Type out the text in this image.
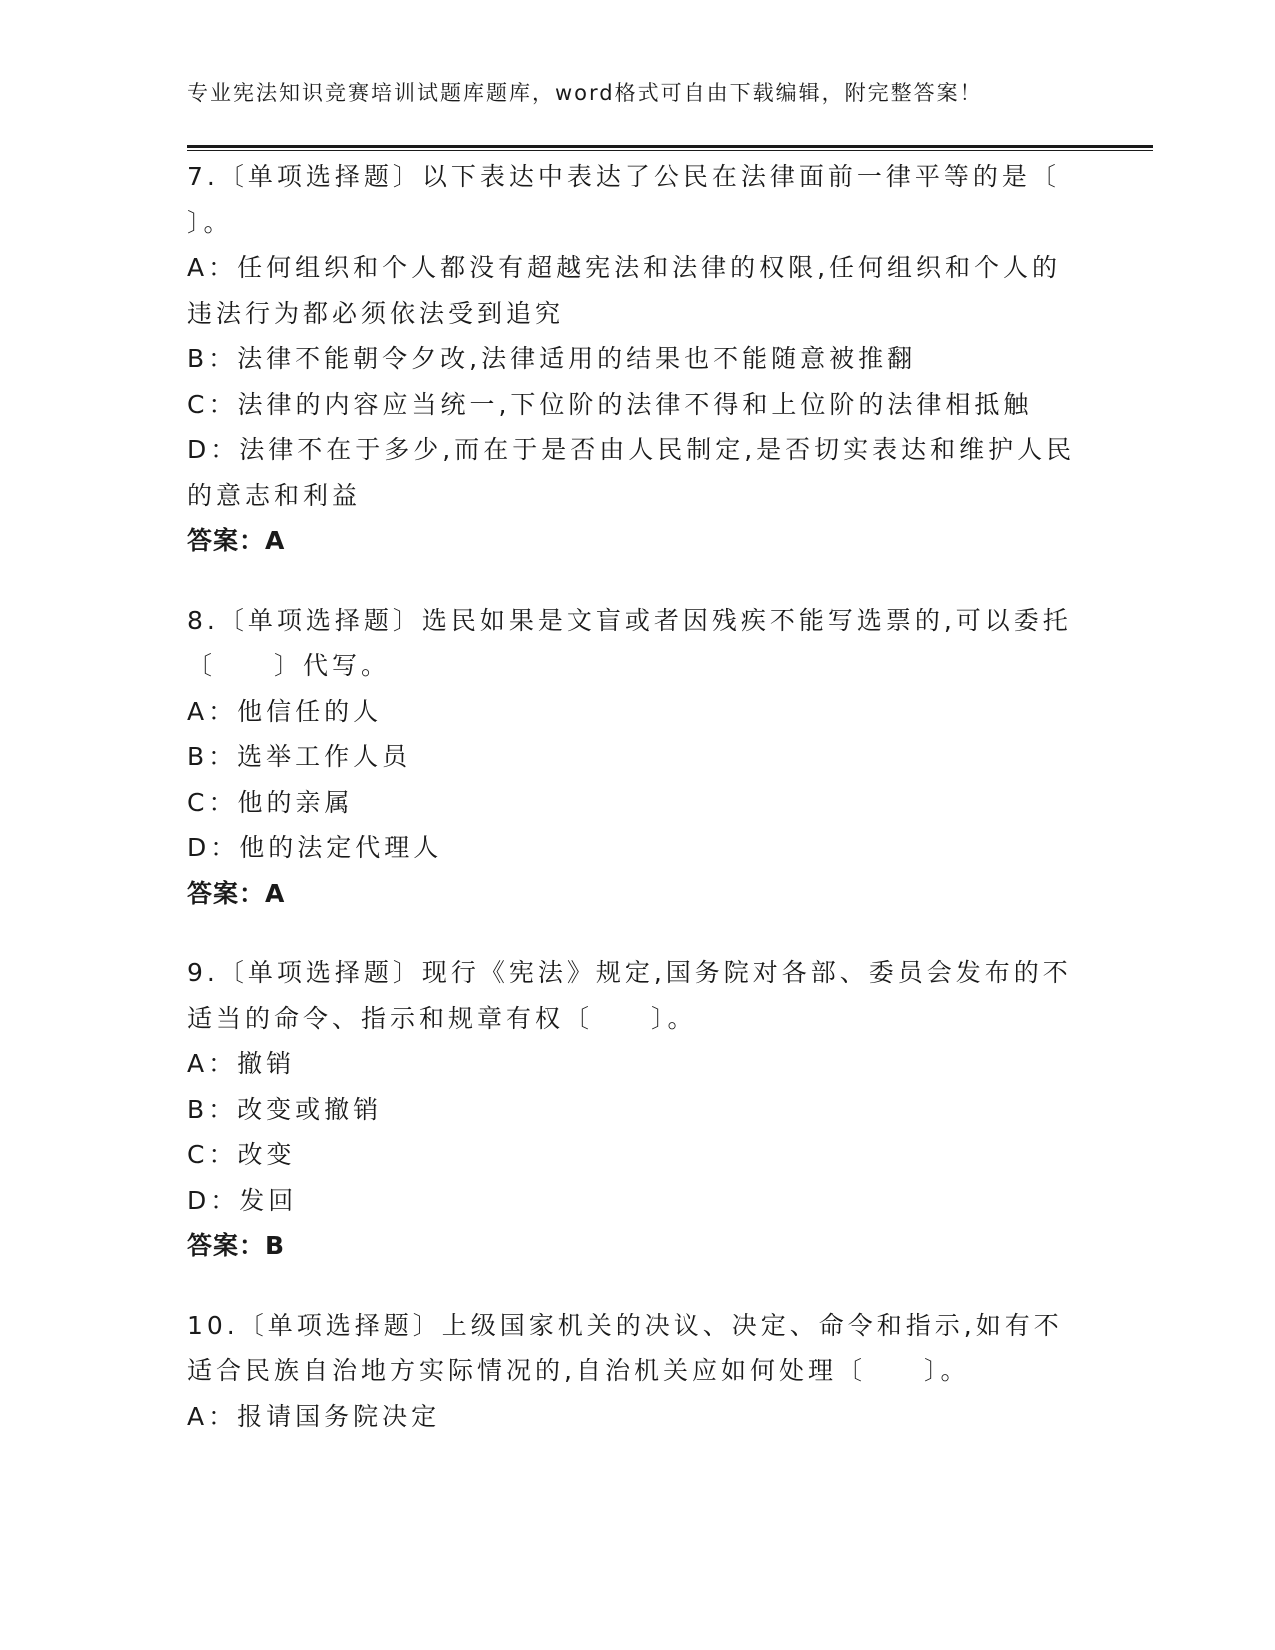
专业宪法知识竞赛培训试题库题库，word格式可自由下载编辑，附完整答案！

7.〔单项选择题〕以下表达中表达了公民在法律面前一律平等的是〔

〕。

A：任何组织和个人都没有超越宪法和法律的权限,任何组织和个人的

违法行为都必须依法受到追究

B：法律不能朝令夕改,法律适用的结果也不能随意被推翻

C：法律的内容应当统一,下位阶的法律不得和上位阶的法律相抵触

D：法律不在于多少,而在于是否由人民制定,是否切实表达和维护人民

的意志和利益

答案：A

8.〔单项选择题〕选民如果是文盲或者因残疾不能写选票的,可以委托

〔　　〕代写。

A：他信任的人

B：选举工作人员

C：他的亲属

D：他的法定代理人

答案：A

9.〔单项选择题〕现行《宪法》规定,国务院对各部、委员会发布的不

适当的命令、指示和规章有权〔　　〕。

A：撤销

B：改变或撤销

C：改变

D：发回

答案：B

10.〔单项选择题〕上级国家机关的决议、决定、命令和指示,如有不

适合民族自治地方实际情况的,自治机关应如何处理〔　　〕。

A：报请国务院决定
